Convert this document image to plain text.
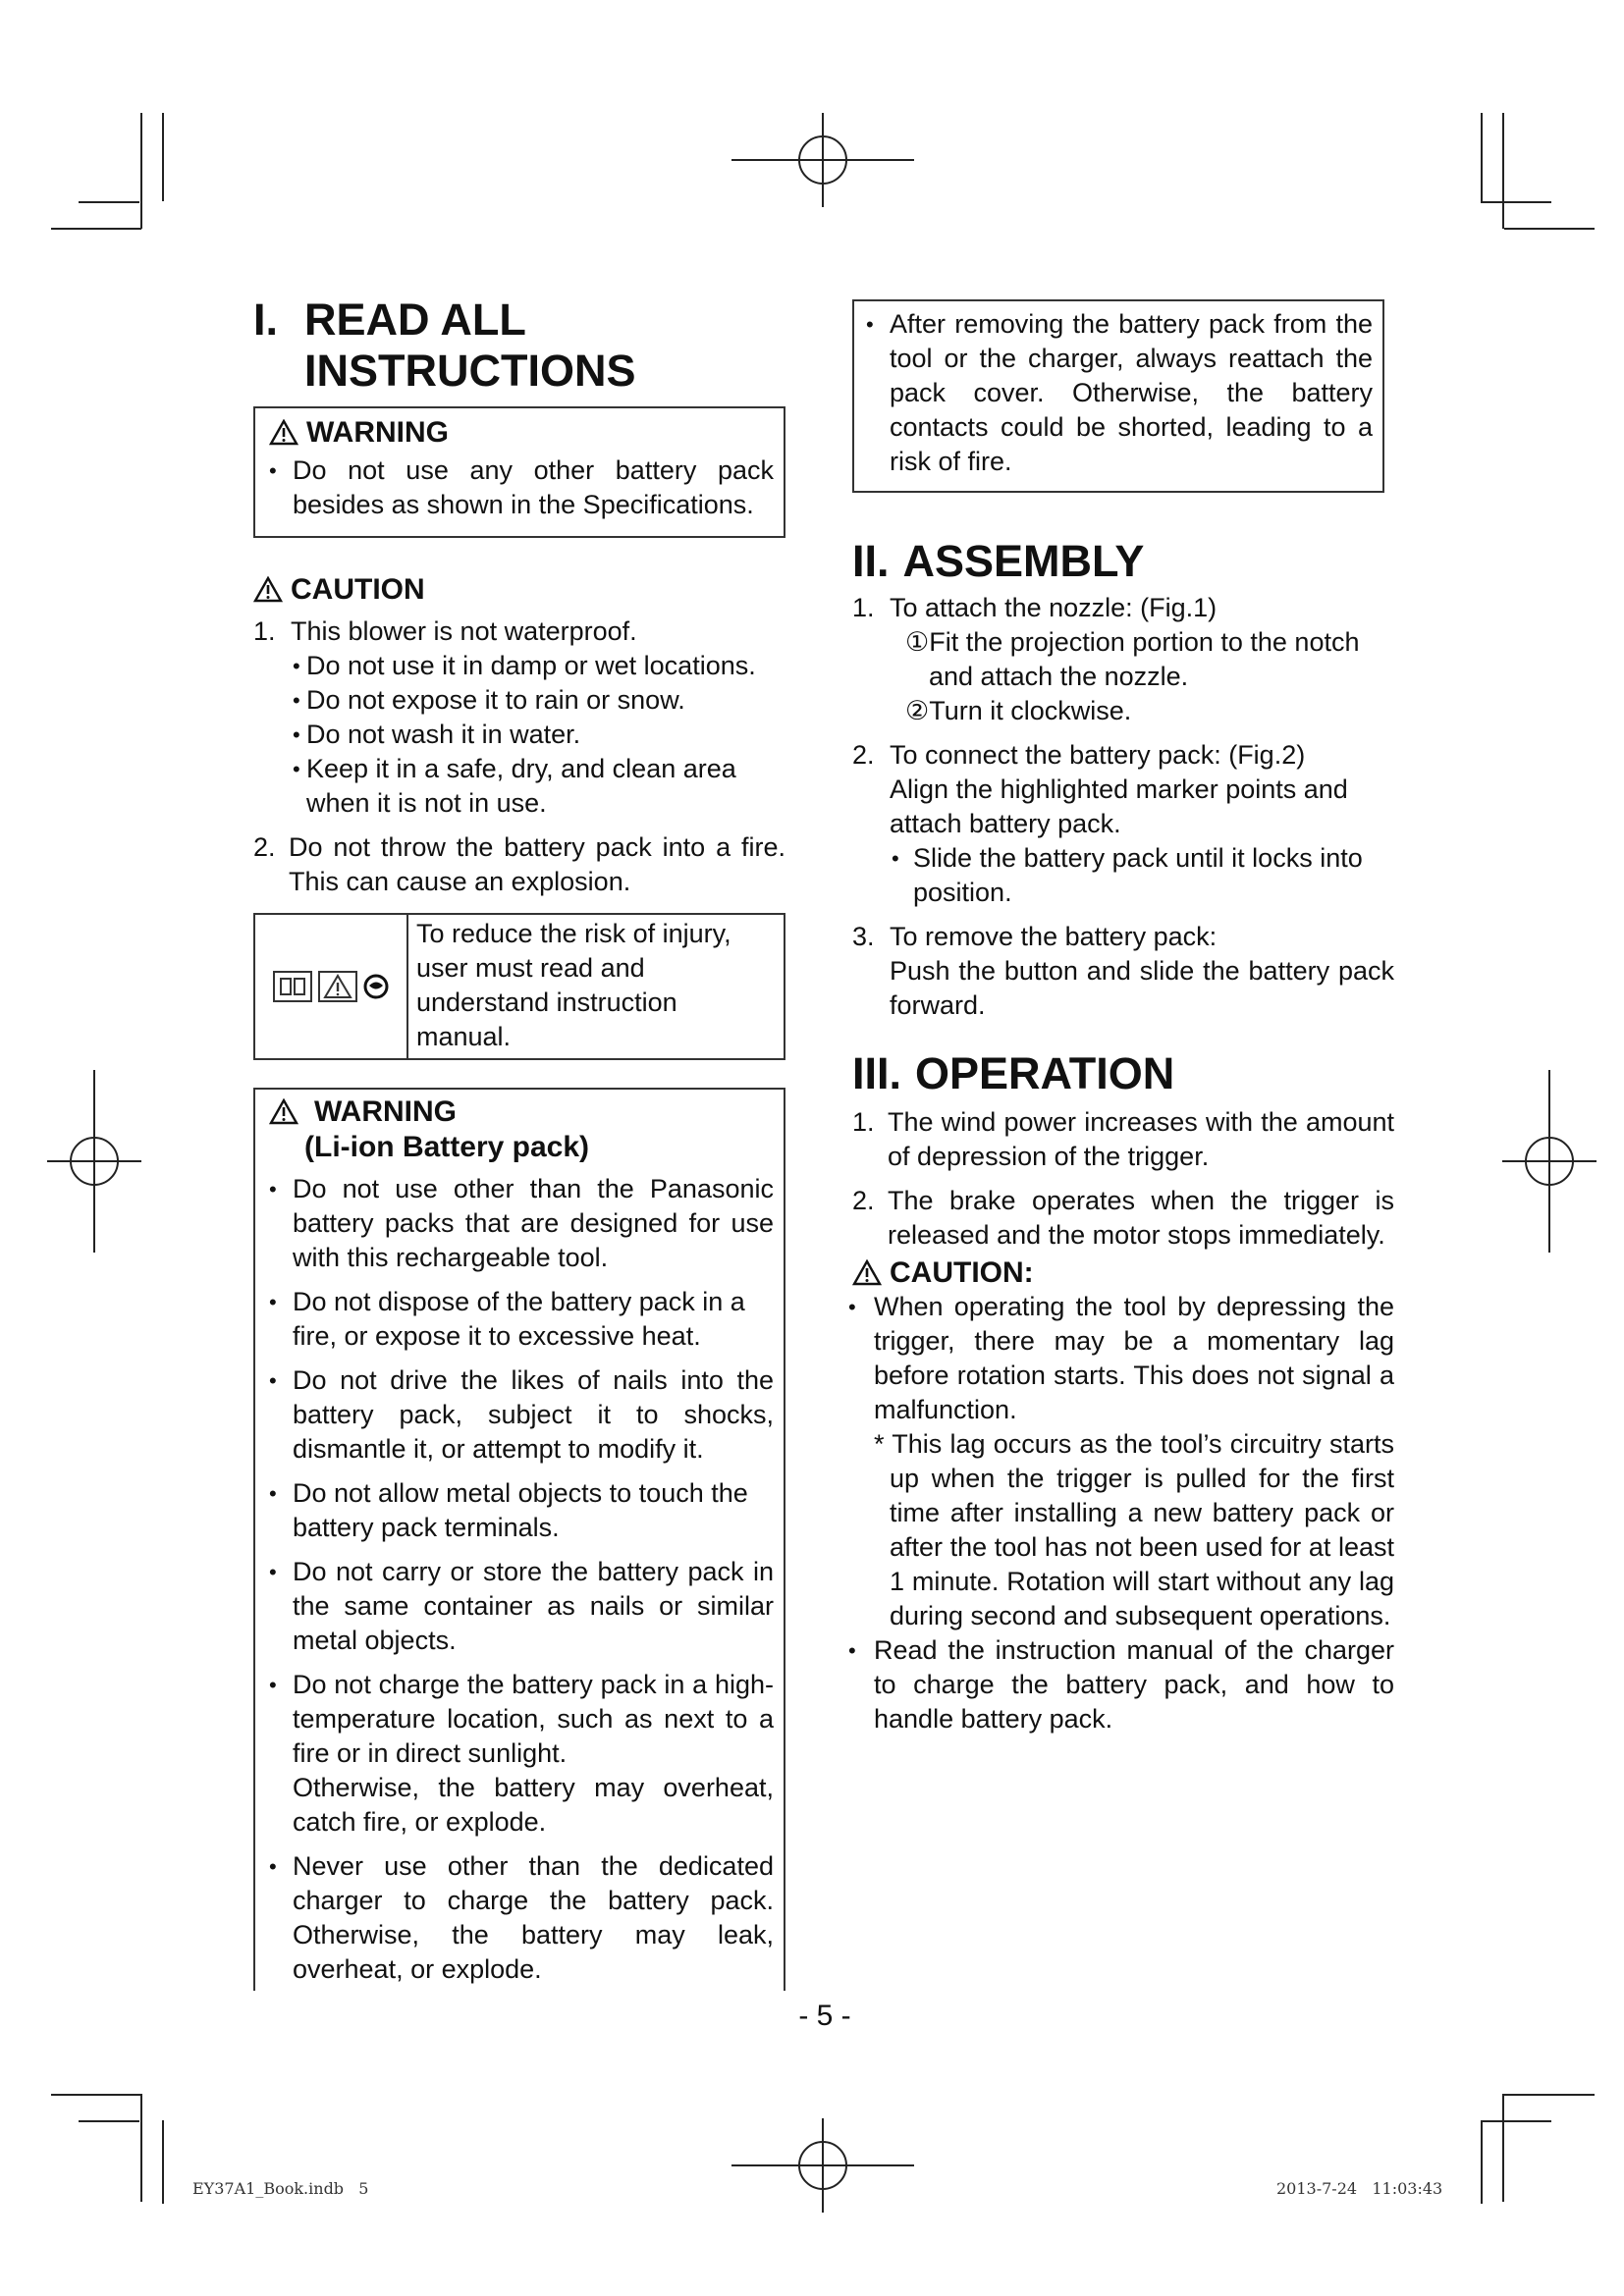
I. READ ALL
INSTRUCTIONS
WARNING
• Do not use any other battery pack besides as shown in the Specifications.
CAUTION
1. This blower is not waterproof.
• Do not use it in damp or wet locations.
• Do not expose it to rain or snow.
• Do not wash it in water.
• Keep it in a safe, dry, and clean area when it is not in use.
2. Do not throw the battery pack into a fire. This can cause an explosion.
To reduce the risk of injury, user must read and understand instruction manual.
WARNING
(Li-ion Battery pack)
• Do not use other than the Panasonic battery packs that are designed for use with this rechargeable tool.
• Do not dispose of the battery pack in a fire, or expose it to excessive heat.
• Do not drive the likes of nails into the battery pack, subject it to shocks, dismantle it, or attempt to modify it.
• Do not allow metal objects to touch the battery pack terminals.
• Do not carry or store the battery pack in the same container as nails or similar metal objects.
• Do not charge the battery pack in a high-temperature location, such as next to a fire or in direct sunlight.
Otherwise, the battery may overheat, catch fire, or explode.
• Never use other than the dedicated charger to charge the battery pack. Otherwise, the battery may leak, overheat, or explode.
• After removing the battery pack from the tool or the charger, always reattach the pack cover. Otherwise, the battery contacts could be shorted, leading to a risk of fire.
II. ASSEMBLY
1. To attach the nozzle: (Fig.1)
①Fit the projection portion to the notch and attach the nozzle.
②Turn it clockwise.
2. To connect the battery pack: (Fig.2)
Align the highlighted marker points and attach battery pack.
• Slide the battery pack until it locks into position.
3. To remove the battery pack:
Push the button and slide the battery pack forward.
III. OPERATION
1. The wind power increases with the amount of depression of the trigger.
2. The brake operates when the trigger is released and the motor stops immediately.
CAUTION:
• When operating the tool by depressing the trigger, there may be a momentary lag before rotation starts. This does not signal a malfunction.
* This lag occurs as the tool’s circuitry starts up when the trigger is pulled for the first time after installing a new battery pack or after the tool has not been used for at least 1 minute. Rotation will start without any lag during second and subsequent operations.
• Read the instruction manual of the charger to charge the battery pack, and how to handle battery pack.
- 5 -
EY37A1_Book.indb   5	2013-7-24   11:03:43
